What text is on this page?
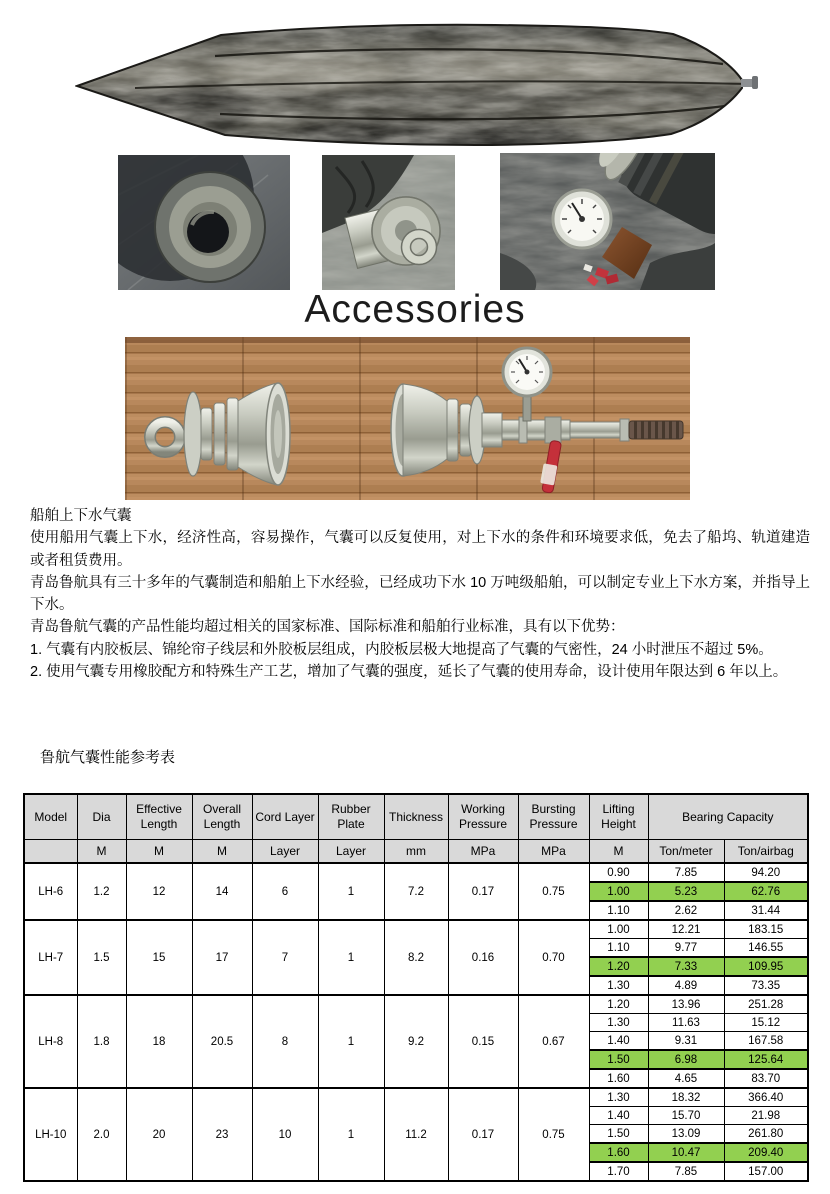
Accessories

船舶上下水气囊

使用船用气囊上下水，经济性高，容易操作，气囊可以反复使用，对上下水的条件和环境要求低，免去了船坞、轨道建造或者租赁费用。

青岛鲁航具有三十多年的气囊制造和船舶上下水经验，已经成功下水 10 万吨级船舶，可以制定专业上下水方案，并指导上下水。

青岛鲁航气囊的产品性能均超过相关的国家标准、国际标准和船舶行业标准，具有以下优势：

1. 气囊有内胶板层、锦纶帘子线层和外胶板层组成，内胶板层极大地提高了气囊的气密性，24 小时泄压不超过 5%。

2. 使用气囊专用橡胶配方和特殊生产工艺，增加了气囊的强度，延长了气囊的使用寿命，设计使用年限达到 6 年以上。

鲁航气囊性能参考表

Model	Dia	Effective Length	Overall Length	Cord Layer	Rubber Plate	Thickness	Working Pressure	Bursting Pressure	Lifting Height	Bearing Capacity	
	M	M	M	Layer	Layer	mm	MPa	MPa	M	Ton/meter	Ton/airbag
LH-6	1.2	12	14	6	1	7.2	0.17	0.75	0.90	7.85	94.20
									1.00	5.23	62.76
									1.10	2.62	31.44
LH-7	1.5	15	17	7	1	8.2	0.16	0.70	1.00	12.21	183.15
									1.10	9.77	146.55
									1.20	7.33	109.95
									1.30	4.89	73.35
LH-8	1.8	18	20.5	8	1	9.2	0.15	0.67	1.20	13.96	251.28
									1.30	11.63	15.12
									1.40	9.31	167.58
									1.50	6.98	125.64
									1.60	4.65	83.70
LH-10	2.0	20	23	10	1	11.2	0.17	0.75	1.30	18.32	366.40
									1.40	15.70	21.98
									1.50	13.09	261.80
									1.60	10.47	209.40
									1.70	7.85	157.00
